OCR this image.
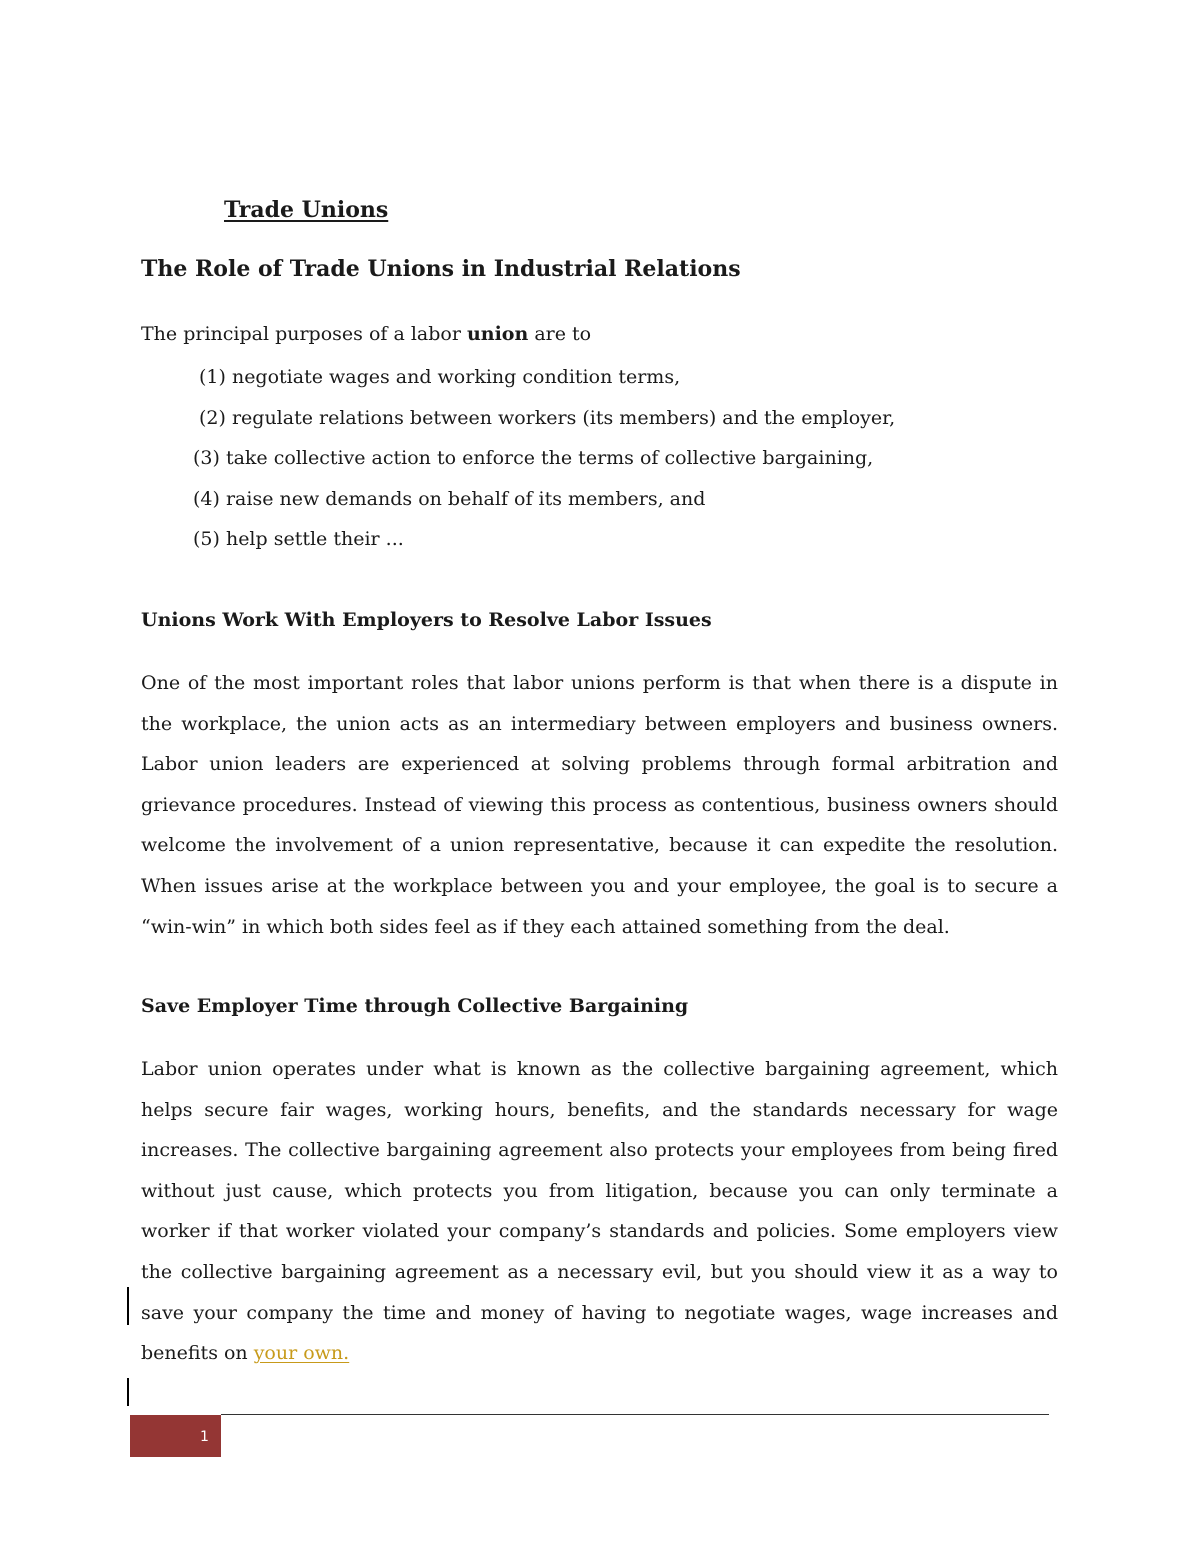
Trade Unions
The Role of Trade Unions in Industrial Relations
The principal purposes of a labor union are to
(1) negotiate wages and working condition terms,
(2) regulate relations between workers (its members) and the employer,
(3) take collective action to enforce the terms of collective bargaining,
(4) raise new demands on behalf of its members, and
(5) help settle their ...
Unions Work With Employers to Resolve Labor Issues

One of the most important roles that labor unions perform is that when there is a dispute in the workplace, the union acts as an intermediary between employers and business owners. Labor union leaders are experienced at solving problems through formal arbitration and grievance procedures. Instead of viewing this process as contentious, business owners should welcome the involvement of a union representative, because it can expedite the resolution. When issues arise at the workplace between you and your employee, the goal is to secure a “win-win” in which both sides feel as if they each attained something from the deal.

Save Employer Time through Collective Bargaining

Labor union operates under what is known as the collective bargaining agreement, which helps secure fair wages, working hours, benefits, and the standards necessary for wage increases. The collective bargaining agreement also protects your employees from being fired without just cause, which protects you from litigation, because you can only terminate a worker if that worker violated your company’s standards and policies. Some employers view the collective bargaining agreement as a necessary evil, but you should view it as a way to save your company the time and money of having to negotiate wages, wage increases and benefits on your own.

1
